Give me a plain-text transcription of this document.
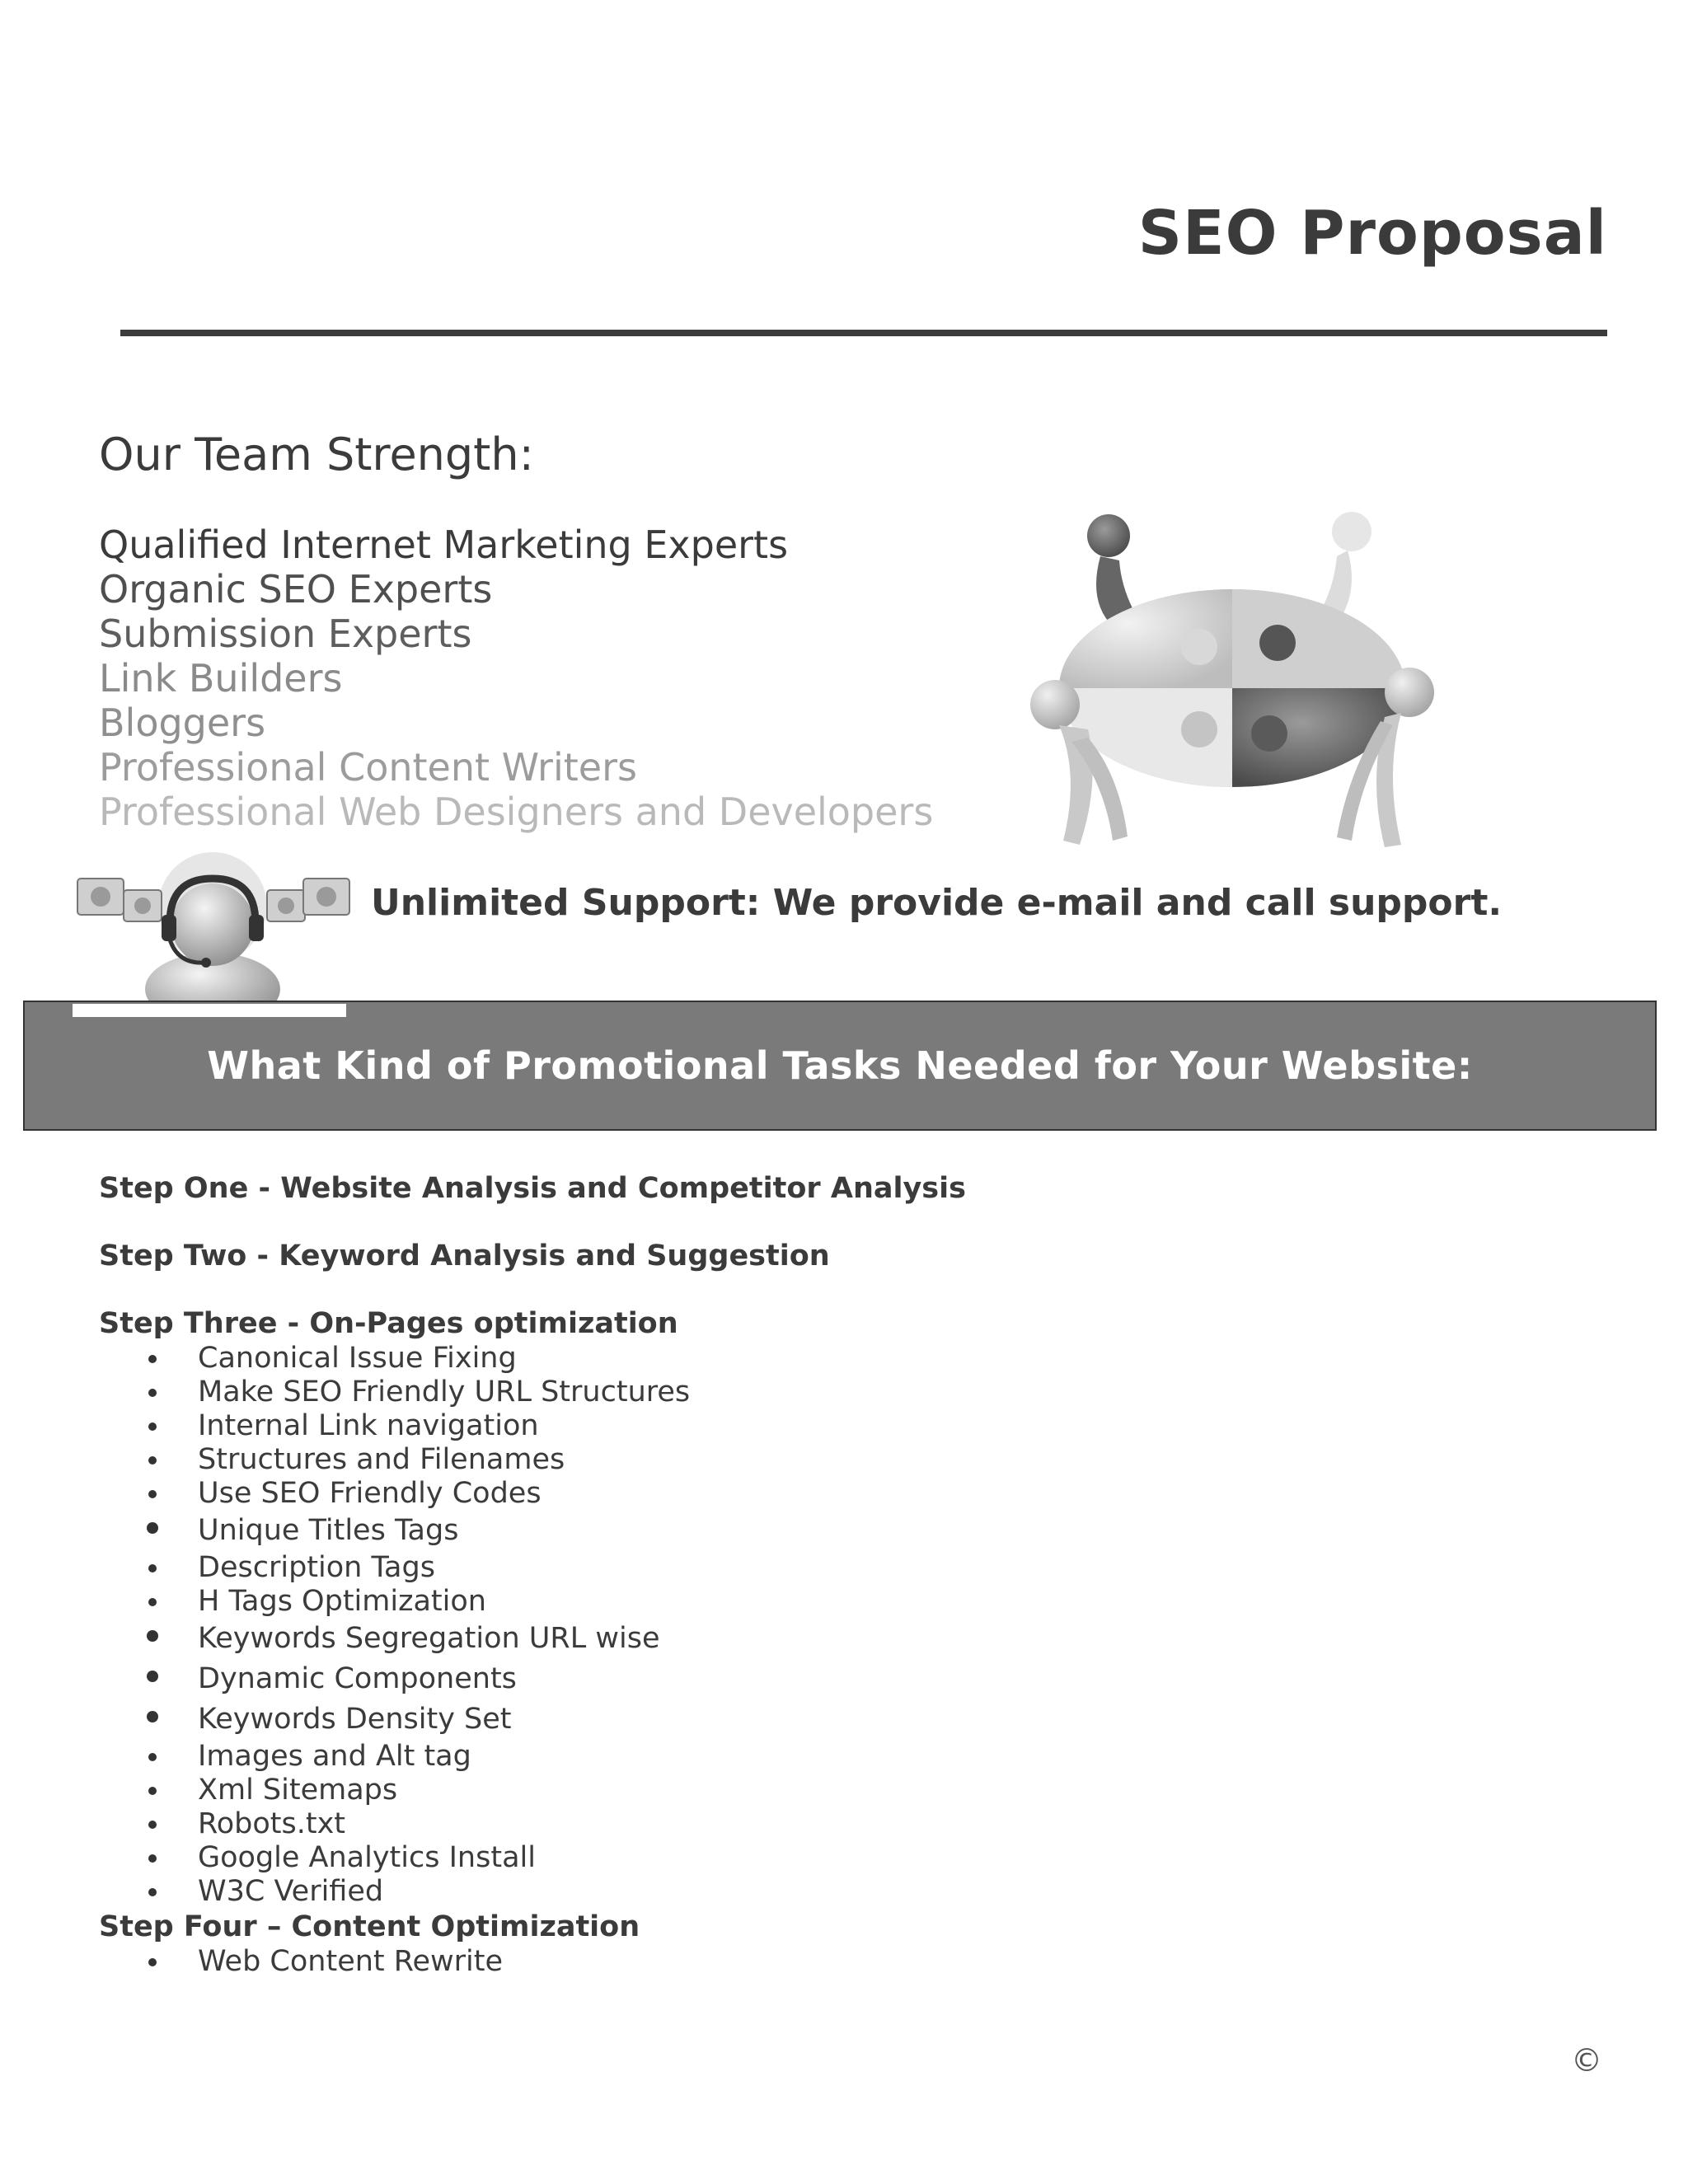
SEO Proposal
Our Team Strength:
Qualified Internet Marketing Experts
Organic SEO Experts
Submission Experts
Link Builders
Bloggers
Professional Content Writers
Professional Web Designers and Developers
Unlimited Support: We provide e-mail and call support.
What Kind of Promotional Tasks Needed for Your Website:
Step One - Website Analysis and Competitor Analysis
Step Two - Keyword Analysis and Suggestion
Step Three - On-Pages optimization
Canonical Issue Fixing
Make SEO Friendly URL Structures
Internal Link navigation
Structures and Filenames
Use SEO Friendly Codes
Unique Titles Tags
Description Tags
H Tags Optimization
Keywords Segregation URL wise
Dynamic Components
Keywords Density Set
Images and Alt tag
Xml Sitemaps
Robots.txt
Google Analytics Install
W3C Verified
Step Four – Content Optimization
Web Content Rewrite
©
